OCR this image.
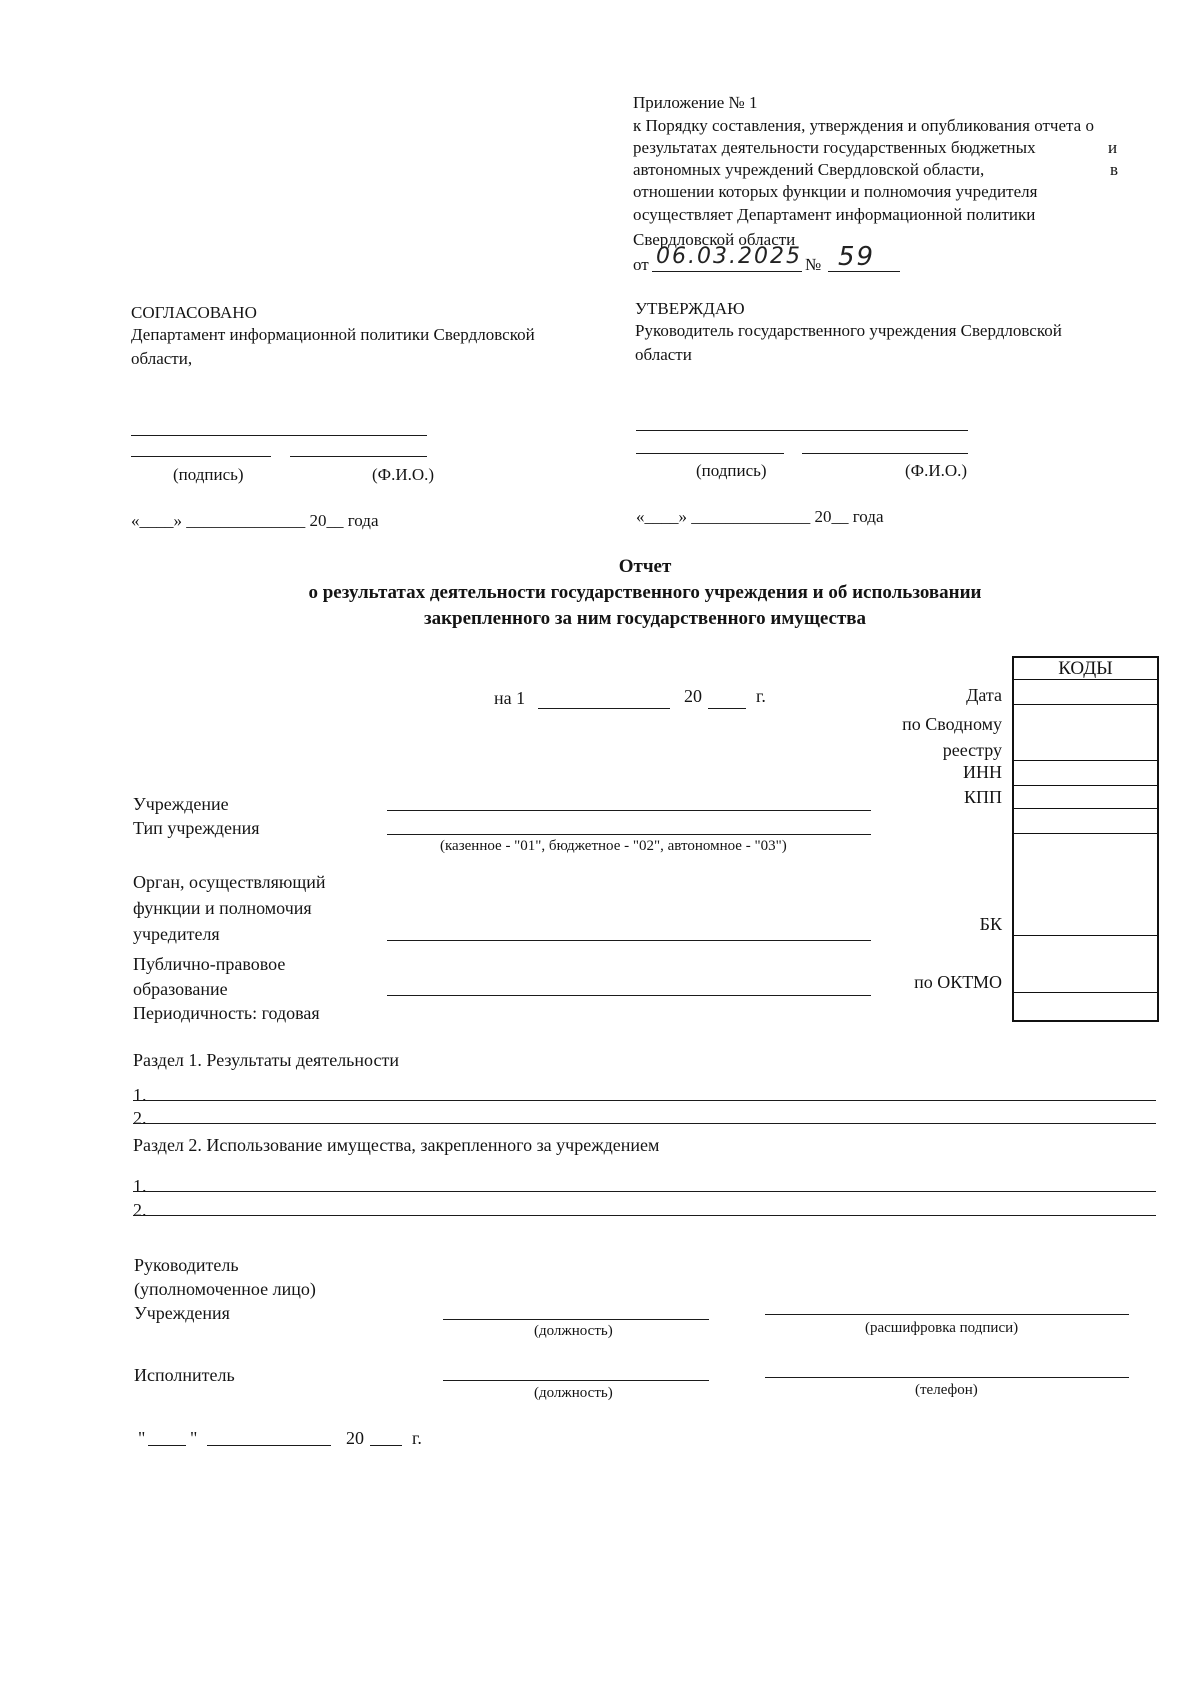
Приложение № 1
к Порядку составления, утверждения и опубликования отчета о
результатах деятельности государственных бюджетных	и
автономных учреждений Свердловской области,	в
отношении которых функции и полномочия учредителя
осуществляет Департамент информационной политики
Свердловской области
от 06.03.2025 № 59
СОГЛАСОВАНО
Департамент информационной политики Свердловской
области,
(подпись)	(Ф.И.О.)
«____» ______________ 20__ года
УТВЕРЖДАЮ
Руководитель государственного учреждения Свердловской
области
(подпись)	(Ф.И.О.)
«____» ______________ 20__ года
Отчет
о результатах деятельности государственного учреждения и об использовании
закрепленного за ним государственного имущества
на 1	20	г.
КОДЫ
Дата
по Сводному
реестру
ИНН
КПП
БК
по ОКТМО
Учреждение
Тип учреждения
(казенное - "01", бюджетное - "02", автономное - "03")
Орган, осуществляющий
функции и полномочия
учредителя
Публично-правовое
образование
Периодичность: годовая
Раздел 1. Результаты деятельности
1.
2.
Раздел 2. Использование имущества, закрепленного за учреждением
1.
2.
Руководитель
(уполномоченное лицо)
Учреждения
(должность)	(расшифровка подписи)
Исполнитель
(должность)	(телефон)
" "	20	г.
